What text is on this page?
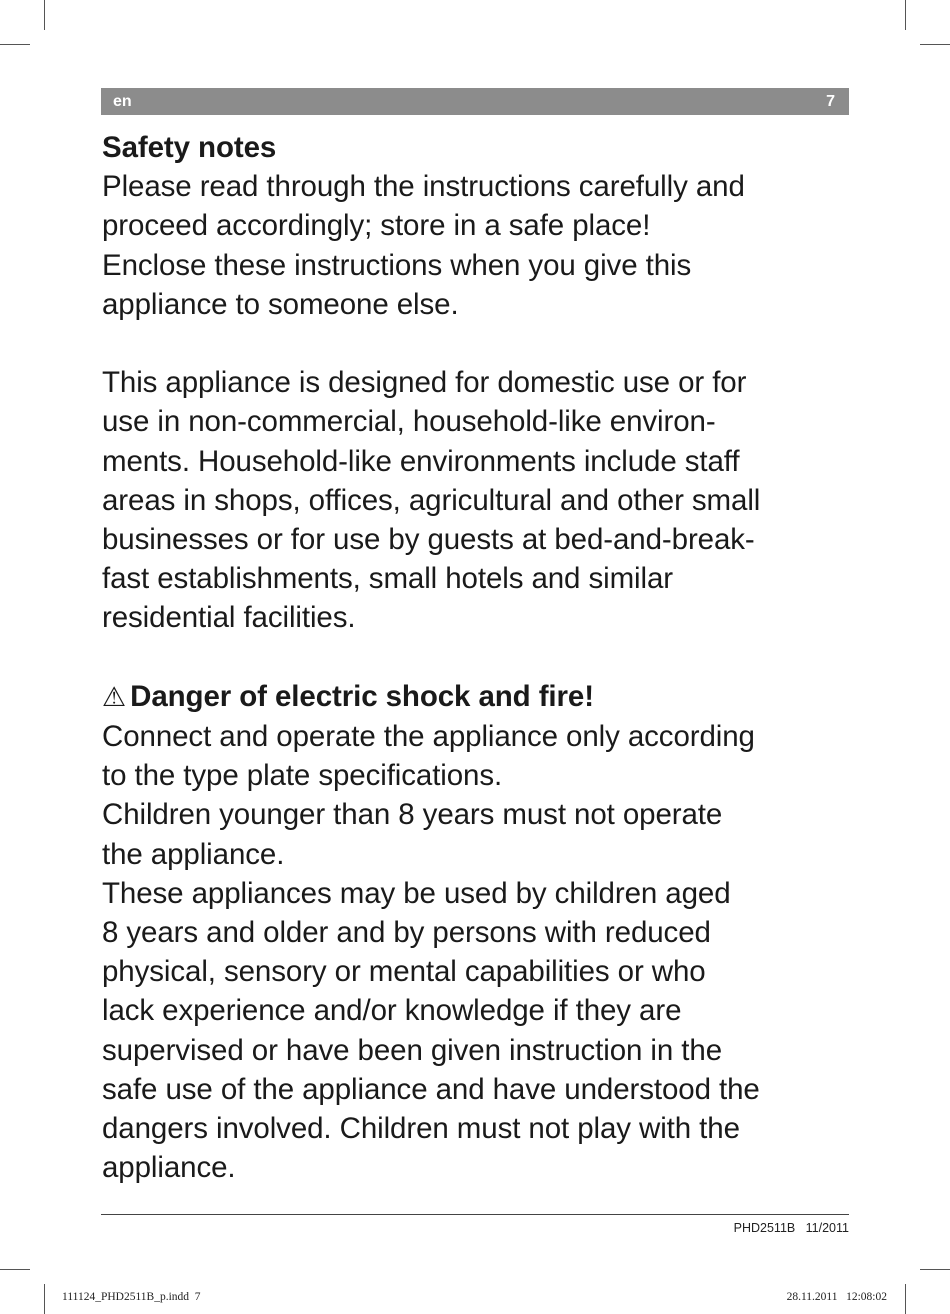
en	7

Safety notes

Please read through the instructions carefully and

proceed accordingly; store in a safe place!

Enclose these instructions when you give this

appliance to someone else.

This appliance is designed for domestic use or for

use in non-commercial, household-like environ-

ments. Household-like environments include staff

areas in shops, offices, agricultural and other small

businesses or for use by guests at bed-and-break-

fast establishments, small hotels and similar

residential facilities.

⚠ Danger of electric shock and fire!

Connect and operate the appliance only according

to the type plate specifications.

Children younger than 8 years must not operate

the appliance.

These appliances may be used by children aged

8 years and older and by persons with reduced

physical, sensory or mental capabilities or who

lack experience and/or knowledge if they are

supervised or have been given instruction in the

safe use of the appliance and have understood the

dangers involved. Children must not play with the

appliance.

PHD2511B 11/2011
111124_PHD2511B_p.indd 7	28.11.2011 12:08:02
